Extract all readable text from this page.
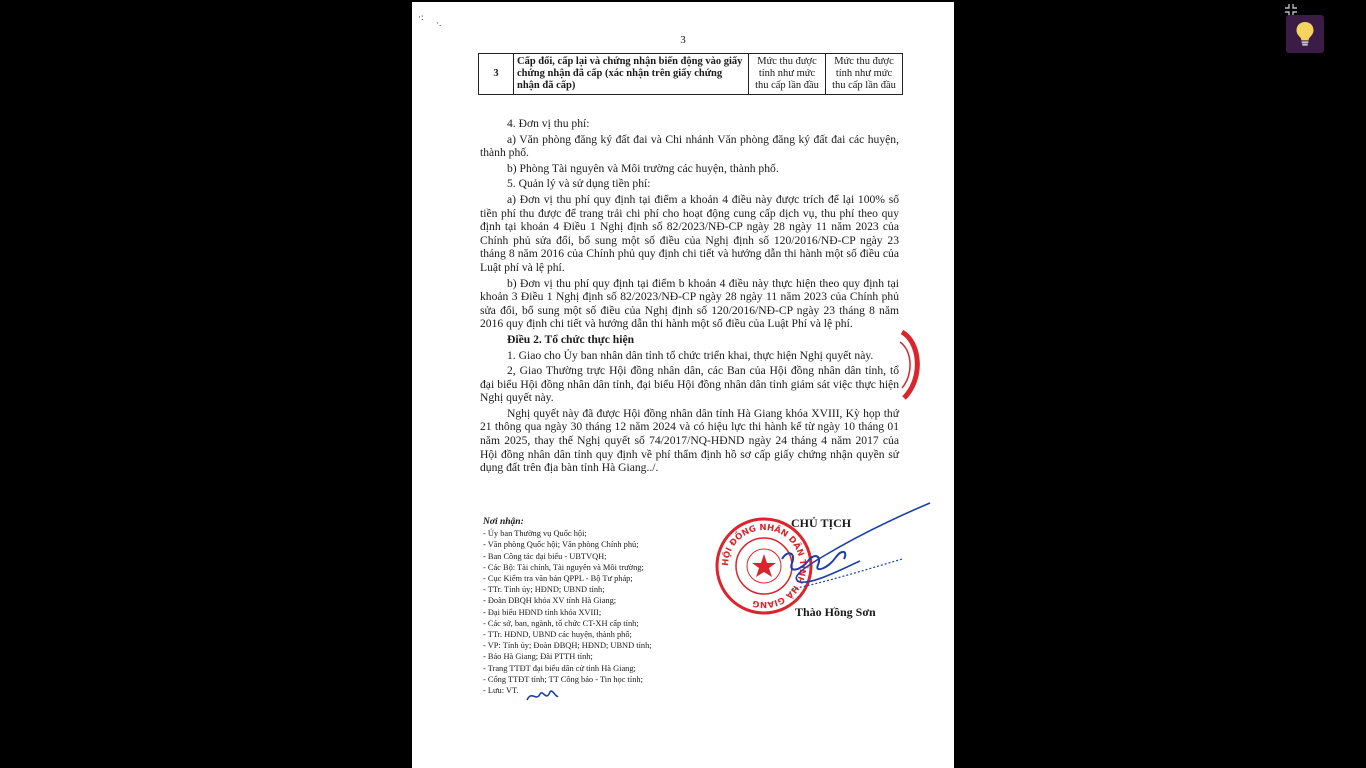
·:
·.
3
3	Cấp đổi, cấp lại và chứng nhận biến động vào giấy chứng nhận đã cấp (xác nhận trên giấy chứng nhận đã cấp)	Mức thu được tính như mức thu cấp lần đầu	Mức thu được tính như mức thu cấp lần đầu

4. Đơn vị thu phí:

a) Văn phòng đăng ký đất đai và Chi nhánh Văn phòng đăng ký đất đai các huyện, thành phố.

b) Phòng Tài nguyên và Môi trường các huyện, thành phố.

5. Quản lý và sử dụng tiền phí:

a) Đơn vị thu phí quy định tại điểm a khoản 4 điều này được trích để lại 100% số tiền phí thu được để trang trải chi phí cho hoạt động cung cấp dịch vụ, thu phí theo quy định tại khoản 4 Điều 1 Nghị định số 82/2023/NĐ-CP ngày 28 ngày 11 năm 2023 của Chính phủ sửa đổi, bổ sung một số điều của Nghị định số 120/2016/NĐ-CP ngày 23 tháng 8 năm 2016 của Chính phủ quy định chi tiết và hướng dẫn thi hành một số điều của Luật phí và lệ phí.

b) Đơn vị thu phí quy định tại điểm b khoản 4 điều này thực hiện theo quy định tại khoản 3 Điều 1 Nghị định số 82/2023/NĐ-CP ngày 28 ngày 11 năm 2023 của Chính phủ sửa đổi, bổ sung một số điều của Nghị định số 120/2016/NĐ-CP ngày 23 tháng 8 năm 2016 quy định chi tiết và hướng dẫn thi hành một số điều của Luật Phí và lệ phí.

Điều 2. Tổ chức thực hiện

1. Giao cho Ủy ban nhân dân tỉnh tổ chức triển khai, thực hiện Nghị quyết này.

2, Giao Thường trực Hội đồng nhân dân, các Ban của Hội đồng nhân dân tỉnh, tổ đại biểu Hội đồng nhân dân tỉnh, đại biểu Hội đồng nhân dân tỉnh giám sát việc thực hiện Nghị quyết này.

Nghị quyết này đã được Hội đồng nhân dân tỉnh Hà Giang khóa XVIII, Kỳ họp thứ 21 thông qua ngày 30 tháng 12 năm 2024 và có hiệu lực thi hành kể từ ngày 10 tháng 01 năm 2025, thay thế Nghị quyết số 74/2017/NQ-HĐND ngày 24 tháng 4 năm 2017 của Hội đồng nhân dân tỉnh quy định về phí thẩm định hồ sơ cấp giấy chứng nhận quyền sử dụng đất trên địa bàn tỉnh Hà Giang../.

Nơi nhận:
- Ủy ban Thường vụ Quốc hội;
- Văn phòng Quốc hội; Văn phòng Chính phủ;
- Ban Công tác đại biểu - UBTVQH;
- Các Bộ: Tài chính, Tài nguyên và Môi trường;
- Cục Kiểm tra văn bản QPPL - Bộ Tư pháp;
- TTr. Tỉnh ủy; HĐND; UBND tỉnh;
- Đoàn ĐBQH khóa XV tỉnh Hà Giang;
- Đại biểu HĐND tỉnh khóa XVIII;
- Các sở, ban, ngành, tổ chức CT-XH cấp tỉnh;
- TTr. HĐND, UBND các huyện, thành phố;
- VP: Tỉnh ủy; Đoàn ĐBQH; HĐND; UBND tỉnh;
- Báo Hà Giang; Đài PTTH tỉnh;
- Trang TTĐT đại biểu dân cử tỉnh Hà Giang;
- Cổng TTĐT tỉnh; TT Công báo - Tin học tỉnh;
- Lưu: VT.
HỘI ĐỒNG NHÂN DÂN TỈNH HÀ GIANG
CHỦ TỊCH
Thào Hồng Sơn
